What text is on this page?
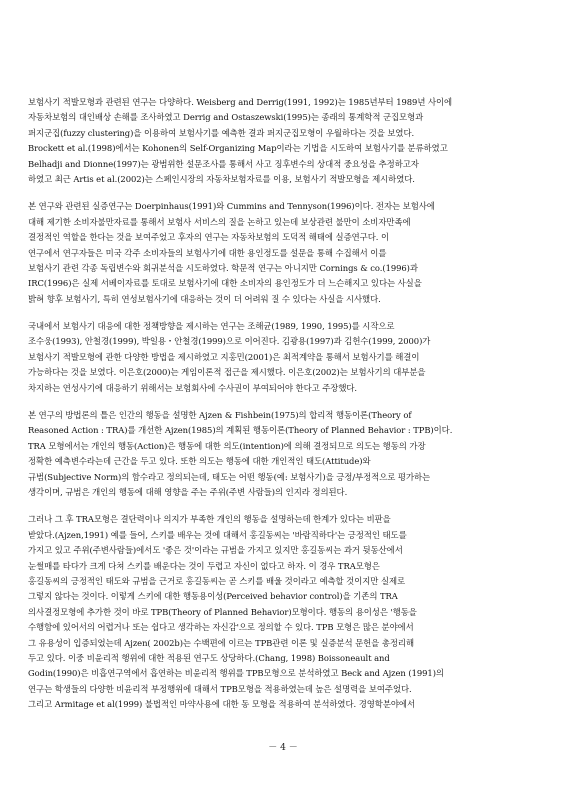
보험사기 적발모형과 관련된 연구는 다양하다. Weisberg and Derrig(1991, 1992)는 1985년부터 1989년 사이에
자동차보험의 대인배상 손해를 조사하였고 Derrig and Ostaszewski(1995)는 종래의 통계학적 군집모형과
퍼지군집(fuzzy clustering)을 이용하여 보험사기를 예측한 결과 퍼지군집모형이 우월하다는 것을 보였다.
Brockett et al.(1998)에서는 Kohonen의 Self-Organizing Map이라는 기법을 시도하여 보험사기를 분류하였고
Belhadji and Dionne(1997)는 광범위한 설문조사를 통해서 사고 징후변수의 상대적 중요성을 추정하고자
하였고 최근 Artis et al.(2002)는 스페인시장의 자동차보험자료를 이용, 보험사기 적발모형을 제시하였다.
본 연구와 관련된 실증연구는 Doerpinhaus(1991)와 Cummins and Tennyson(1996)이다. 전자는 보험사에
대해 제기한 소비자불만자료를 통해서 보험사 서비스의 질을 논하고 있는데 보상관련 불만이 소비자만족에
결정적인 역할을 한다는 것을 보여주었고 후자의 연구는 자동차보험의 도덕적 해태에 실증연구다. 이
연구에서 연구자들은 미국 각주 소비자들의 보험사기에 대한 용인정도를 설문을 통해 수집해서 이를
보험사기 관련 각종 독립변수와 회귀분석을 시도하였다. 학문적 연구는 아니지만 Cornings & co.(1996)과
IRC(1996)은 실제 서베이자료를 토대로 보험사기에 대한 소비자의 용인정도가 더 느슨해지고 있다는 사실을
밝혀 향후 보험사기, 특히 연성보험사기에 대응하는 것이 더 어려워 질 수 있다는 사실을 시사했다.
국내에서 보험사기 대응에 대한 정책방향을 제시하는 연구는 조해균(1989, 1990, 1995)를 시작으로
조수웅(1993), 안철경(1999), 박일용・안철경(1999)으로 이어진다. 김광용(1997)과 김헌수(1999, 2000)가
보험사기 적발모형에 관한 다양한 방법을 제시하였고 지홍민(2001)은 최적계약을 통해서 보험사기를 해결이
가능하다는 것을 보였다. 이은호(2000)는 게임이론적 접근을 제시했다. 이은호(2002)는 보험사기의 대부분을
차지하는 연성사기에 대응하기 위해서는 보험회사에 수사권이 부여되어야 한다고 주장했다.
본 연구의 방법론의 틀은 인간의 행동을 설명한 Ajzen & Fishbein(1975)의 합리적 행동이론(Theory of
Reasoned Action : TRA)를 개선한 Ajzen(1985)의 계획된 행동이론(Theory of Planned Behavior : TPB)이다.
TRA 모형에서는 개인의 행동(Action)은 행동에 대한 의도(intention)에 의해 결정되므로 의도는 행동의 가장
정확한 예측변수라는데 근간을 두고 있다. 또한 의도는 행동에 대한 개인적인 태도(Attitude)와
규범(Subjective Norm)의 함수라고 정의되는데, 태도는 어떤 행동(예: 보험사기)을 긍정/부정적으로 평가하는
생각이며, 규범은 개인의 행동에 대해 영향을 주는 주위(주변 사람들)의 인지라 정의된다.
그러나 그 후 TRA모형은 결단력이나 의지가 부족한 개인의 행동을 설명하는데 한계가 있다는 비판을
받았다.(Ajzen,1991) 예를 들어, 스키를 배우는 것에 대해서 홍길동씨는 '바람직하다'는 긍정적인 태도를
가지고 있고 주위(주변사람들)에서도 '좋은 것'이라는 규범을 가지고 있지만 홍길동씨는 과거 뒷동산에서
눈썰매를 타다가 크게 다쳐 스키를 배운다는 것이 두렵고 자신이 없다고 하자. 이 경우 TRA모형은
홍길동씨의 긍정적인 태도와 규범을 근거로 홍길동씨는 곧 스키를 배울 것이라고 예측할 것이지만 실제로
그렇지 않다는 것이다. 이렇게 스키에 대한 행동용이성(Perceived behavior control)을 기존의 TRA
의사결정모형에 추가한 것이 바로 TPB(Theory of Planned Behavior)모형이다. 행동의 용이성은 '행동을
수행함에 있어서의 어렵거나 또는 쉽다고 생각하는 자신감'으로 정의할 수 있다. TPB 모형은 많은 분야에서
그 유용성이 입증되었는데 Ajzen( 2002b)는 수백편에 이르는 TPB관련 이론 및 실증분석 문헌을 총정리해
두고 있다. 이중 비윤리적 행위에 대한 적용된 연구도 상당하다.(Chang, 1998) Boissoneault and
Godin(1990)은 비흡연구역에서 흡연하는 비윤리적 행위를 TPB모형으로 분석하였고 Beck and Ajzen (1991)의
연구는 학생들의 다양한 비윤리적 부정행위에 대해서 TPB모형을 적용하였는데 높은 설명력을 보여주었다.
그리고 Armitage et al(1999) 불법적인 마약사용에 대한 동 모형을 적용하여 분석하였다. 경영학분야에서
－ 4 －
